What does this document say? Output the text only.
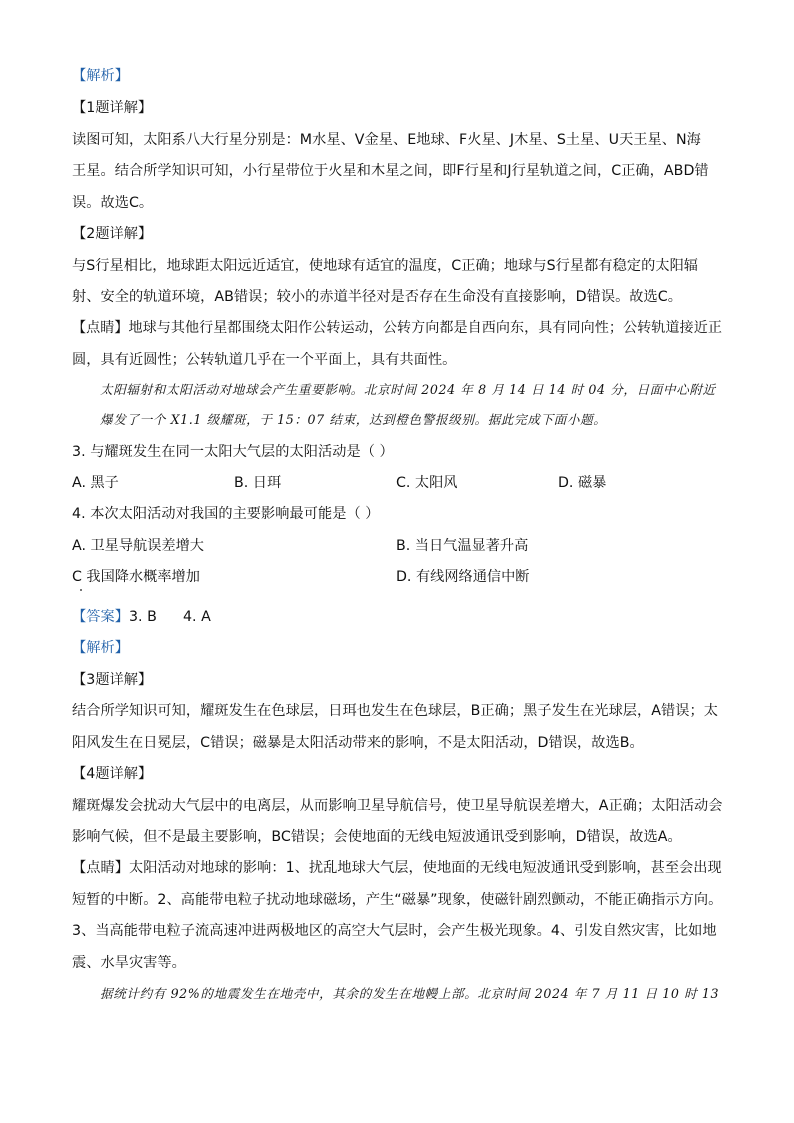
【解析】
【1题详解】
读图可知，太阳系八大行星分别是：M水星、V金星、E地球、F火星、J木星、S土星、U天王星、N海
王星。结合所学知识可知，小行星带位于火星和木星之间，即F行星和J行星轨道之间，C正确，ABD错
误。故选C。
【2题详解】
与S行星相比，地球距太阳远近适宜，使地球有适宜的温度，C正确；地球与S行星都有稳定的太阳辐
射、安全的轨道环境，AB错误；较小的赤道半径对是否存在生命没有直接影响，D错误。故选C。
【点睛】地球与其他行星都围绕太阳作公转运动，公转方向都是自西向东，具有同向性；公转轨道接近正
圆，具有近圆性；公转轨道几乎在一个平面上，具有共面性。
太阳辐射和太阳活动对地球会产生重要影响。北京时间 2024 年 8 月 14 日 14 时 04 分，日面中心附近
爆发了一个 X1.1 级耀斑，于 15：07 结束，达到橙色警报级别。据此完成下面小题。
3. 与耀斑发生在同一太阳大气层的太阳活动是（ ）
A. 黑子	B. 日珥	C. 太阳风	D. 磁暴
4. 本次太阳活动对我国的主要影响最可能是（ ）
A. 卫星导航误差增大	B. 当日气温显著升高
C 我国降水概率增加	D. 有线网络通信中断
【答案】3. B 4. A
【解析】
【3题详解】
结合所学知识可知，耀斑发生在色球层，日珥也发生在色球层，B正确；黑子发生在光球层，A错误；太
阳风发生在日冕层，C错误；磁暴是太阳活动带来的影响，不是太阳活动，D错误，故选B。
【4题详解】
耀斑爆发会扰动大气层中的电离层，从而影响卫星导航信号，使卫星导航误差增大，A正确；太阳活动会
影响气候，但不是最主要影响，BC错误；会使地面的无线电短波通讯受到影响，D错误，故选A。
【点睛】太阳活动对地球的影响：1、扰乱地球大气层，使地面的无线电短波通讯受到影响，甚至会出现
短暂的中断。2、高能带电粒子扰动地球磁场，产生“磁暴”现象，使磁针剧烈颤动，不能正确指示方向。
3、当高能带电粒子流高速冲进两极地区的高空大气层时，会产生极光现象。4、引发自然灾害，比如地
震、水旱灾害等。
据统计约有 92%的地震发生在地壳中，其余的发生在地幔上部。北京时间 2024 年 7 月 11 日 10 时 13
